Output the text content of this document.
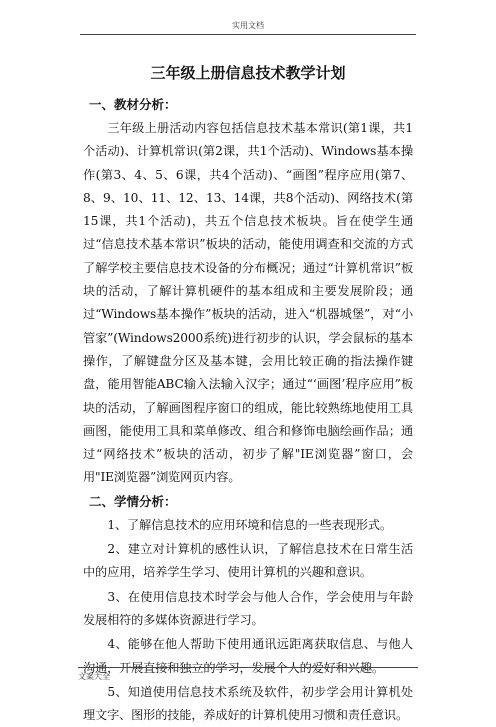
实用文档
三年级上册信息技术教学计划
一、教材分析：

三年级上册活动内容包括信息技术基本常识(第1课，共1个活动)、计算机常识(第2课，共1个活动)、Windows基本操作(第3、4、5、6课，共4个活动)、“画图”程序应用(第7、8、9、10、11、12、13、14课，共8个活动)、网络技术(第15课，共1个活动)，共五个信息技术板块。旨在使学生通过“信息技术基本常识”板块的活动，能使用调查和交流的方式了解学校主要信息技术设备的分布概况；通过“计算机常识”板块的活动，了解计算机硬件的基本组成和主要发展阶段；通过“Windows基本操作”板块的活动，进入“机器城堡”，对“小管家”(Windows2000系统)进行初步的认识，学会鼠标的基本操作，了解键盘分区及基本键，会用比较正确的指法操作键盘，能用智能ABC输入法输入汉字；通过“‘画图’程序应用”板块的活动，了解画图程序窗口的组成，能比较熟练地使用工具画图，能使用工具和菜单修改、组合和修饰电脑绘画作品；通过“网络技术”板块的活动，初步了解"IE浏览器”窗口，会用"IE浏览器”浏览网页内容。

二、学情分析：

1、了解信息技术的应用环境和信息的一些表现形式。

2、建立对计算机的感性认识，了解信息技术在日常生活中的应用，培养学生学习、使用计算机的兴趣和意识。

3、在使用信息技术时学会与他人合作，学会使用与年龄发展相符的多媒体资源进行学习。

4、能够在他人帮助下使用通讯远距离获取信息、与他人沟通，开展直接和独立的学习，发展个人的爱好和兴趣。

5、知道使用信息技术系统及软件，初步学会用计算机处理文字、图形的技能，养成好的计算机使用习惯和责任意识。

文案大全
